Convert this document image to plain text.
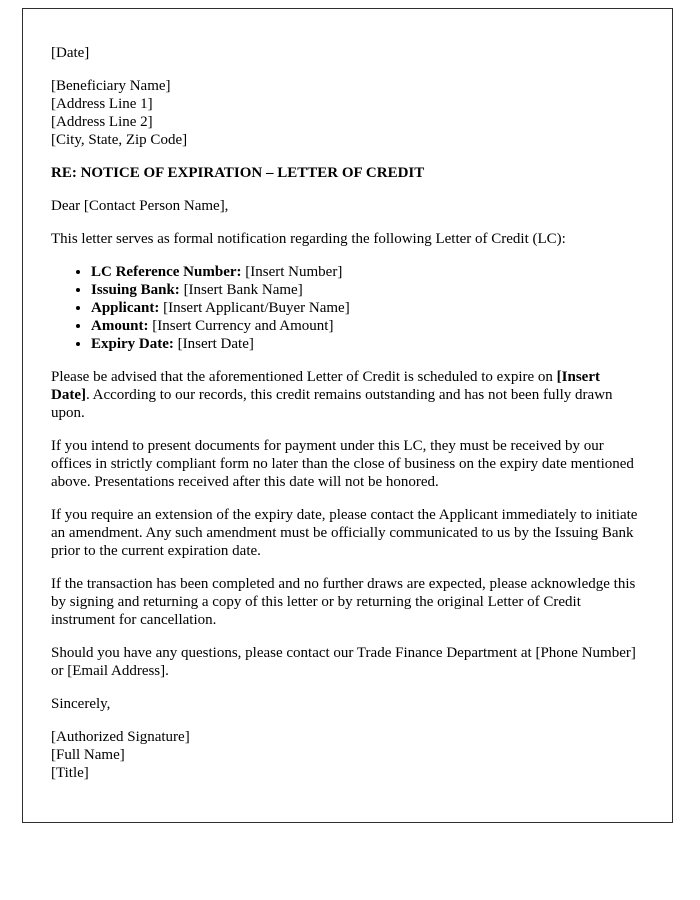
[Date]

[Beneficiary Name]
[Address Line 1]
[Address Line 2]
[City, State, Zip Code]

RE: NOTICE OF EXPIRATION – LETTER OF CREDIT

Dear [Contact Person Name],

This letter serves as formal notification regarding the following Letter of Credit (LC):

• LC Reference Number: [Insert Number]
• Issuing Bank: [Insert Bank Name]
• Applicant: [Insert Applicant/Buyer Name]
• Amount: [Insert Currency and Amount]
• Expiry Date: [Insert Date]

Please be advised that the aforementioned Letter of Credit is scheduled to expire on [Insert Date]. According to our records, this credit remains outstanding and has not been fully drawn upon.

If you intend to present documents for payment under this LC, they must be received by our offices in strictly compliant form no later than the close of business on the expiry date mentioned above. Presentations received after this date will not be honored.

If you require an extension of the expiry date, please contact the Applicant immediately to initiate an amendment. Any such amendment must be officially communicated to us by the Issuing Bank prior to the current expiration date.

If the transaction has been completed and no further draws are expected, please acknowledge this by signing and returning a copy of this letter or by returning the original Letter of Credit instrument for cancellation.

Should you have any questions, please contact our Trade Finance Department at [Phone Number] or [Email Address].

Sincerely,

[Authorized Signature]
[Full Name]
[Title]
